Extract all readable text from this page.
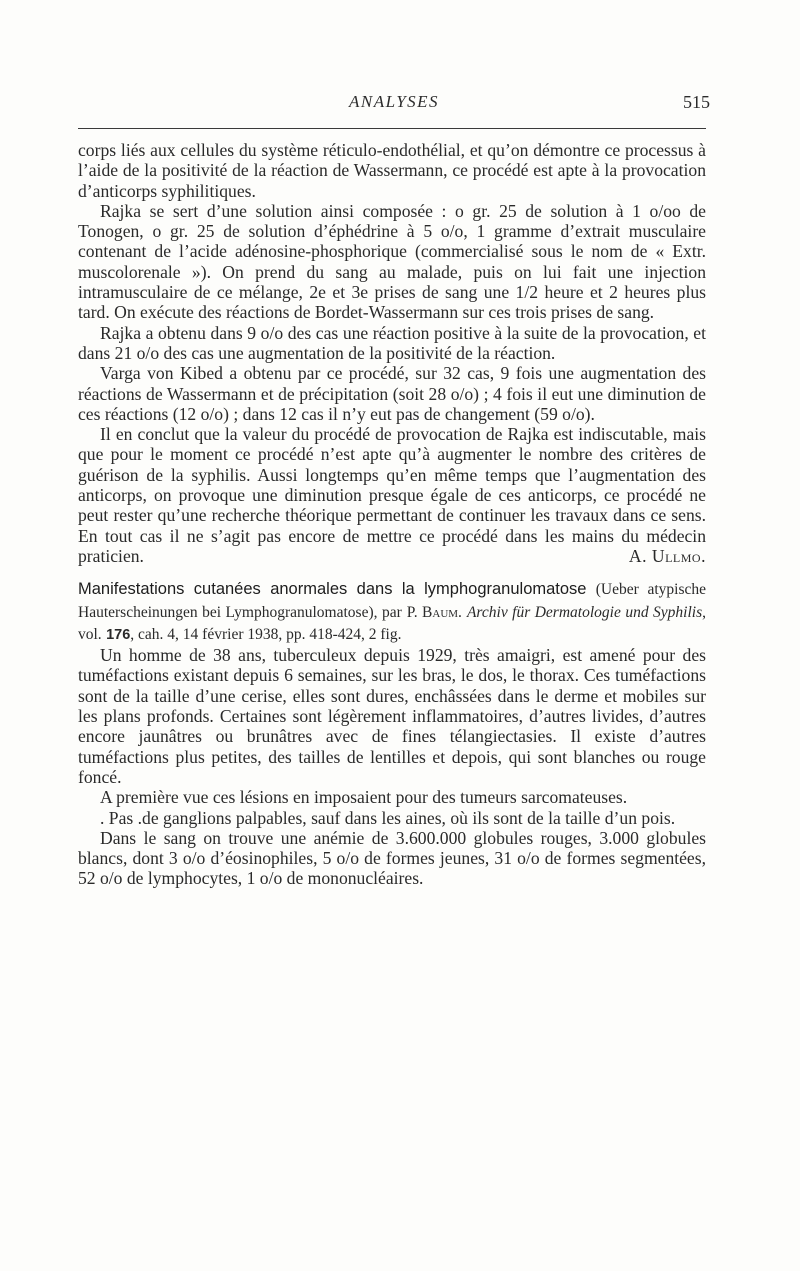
ANALYSES	515

corps liés aux cellules du système réticulo-endothélial, et qu’on démontre ce processus à l’aide de la positivité de la réaction de Wassermann, ce procédé est apte à la provocation d’anticorps syphilitiques.

Rajka se sert d’une solution ainsi composée : o gr. 25 de solution à 1 o/oo de Tonogen, o gr. 25 de solution d’éphédrine à 5 o/o, 1 gramme d’extrait musculaire contenant de l’acide adénosine-phosphorique (commercialisé sous le nom de « Extr. muscolorenale »). On prend du sang au malade, puis on lui fait une injection intramusculaire de ce mélange, 2e et 3e prises de sang une 1/2 heure et 2 heures plus tard. On exécute des réactions de Bordet-Wassermann sur ces trois prises de sang.

Rajka a obtenu dans 9 o/o des cas une réaction positive à la suite de la provocation, et dans 21 o/o des cas une augmentation de la positivité de la réaction.

Varga von Kibed a obtenu par ce procédé, sur 32 cas, 9 fois une augmentation des réactions de Wassermann et de précipitation (soit 28 o/o) ; 4 fois il eut une diminution de ces réactions (12 o/o) ; dans 12 cas il n’y eut pas de changement (59 o/o).

Il en conclut que la valeur du procédé de provocation de Rajka est indiscutable, mais que pour le moment ce procédé n’est apte qu’à augmenter le nombre des critères de guérison de la syphilis. Aussi longtemps qu’en même temps que l’augmentation des anticorps, on provoque une diminution presque égale de ces anticorps, ce procédé ne peut rester qu’une recherche théorique permettant de continuer les travaux dans ce sens. En tout cas il ne s’agit pas encore de mettre ce procédé dans les mains du médecin praticien.	A. Ullmo.

Manifestations cutanées anormales dans la lymphogranulomatose (Ueber atypische Hauterscheinungen bei Lymphogranulomatose), par P. Baum. Archiv für Dermatologie und Syphilis, vol. 176, cah. 4, 14 février 1938, pp. 418-424, 2 fig.

Un homme de 38 ans, tuberculeux depuis 1929, très amaigri, est amené pour des tuméfactions existant depuis 6 semaines, sur les bras, le dos, le thorax. Ces tuméfactions sont de la taille d’une cerise, elles sont dures, enchâssées dans le derme et mobiles sur les plans profonds. Certaines sont légèrement inflammatoires, d’autres livides, d’autres encore jaunâtres ou brunâtres avec de fines télangiectasies. Il existe d’autres tuméfactions plus petites, des tailles de lentilles et depois, qui sont blanches ou rouge foncé.

A première vue ces lésions en imposaient pour des tumeurs sarcomateuses.

. Pas .de ganglions palpables, sauf dans les aines, où ils sont de la taille d’un pois.

Dans le sang on trouve une anémie de 3.600.000 globules rouges, 3.000 globules blancs, dont 3 o/o d’éosinophiles, 5 o/o de formes jeunes, 31 o/o de formes segmentées, 52 o/o de lymphocytes, 1 o/o de mononucléaires.
